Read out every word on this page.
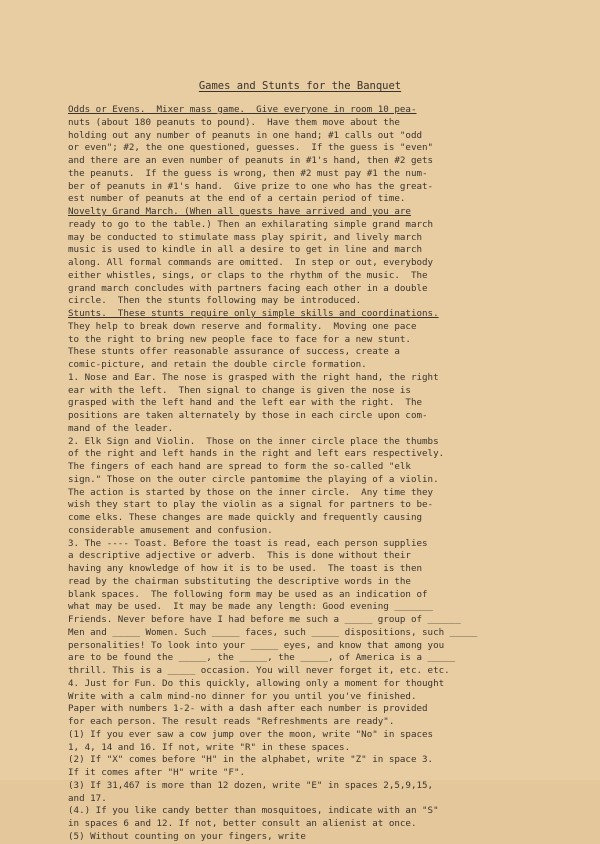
Games and Stunts for the Banquet
Odds or Evens.  Mixer mass game.  Give everyone in room 10 pea-
nuts (about 180 peanuts to pound).  Have them move about the
holding out any number of peanuts in one hand; #1 calls out "odd
or even"; #2, the one questioned, guesses.  If the guess is "even"
and there are an even number of peanuts in #1's hand, then #2 gets
the peanuts.  If the guess is wrong, then #2 must pay #1 the num-
ber of peanuts in #1's hand.  Give prize to one who has the great-
est number of peanuts at the end of a certain period of time.
Novelty Grand March. (When all guests have arrived and you are
ready to go to the table.) Then an exhilarating simple grand march
may be conducted to stimulate mass play spirit, and lively march
music is used to kindle in all a desire to get in line and march
along. All formal commands are omitted.  In step or out, everybody
either whistles, sings, or claps to the rhythm of the music.  The
grand march concludes with partners facing each other in a double
circle.  Then the stunts following may be introduced.
Stunts.  These stunts require only simple skills and coordinations.
They help to break down reserve and formality.  Moving one pace
to the right to bring new people face to face for a new stunt.
These stunts offer reasonable assurance of success, create a
comic-picture, and retain the double circle formation.
1. Nose and Ear. The nose is grasped with the right hand, the right
ear with the left.  Then signal to change is given the nose is
grasped with the left hand and the left ear with the right.  The
positions are taken alternately by those in each circle upon com-
mand of the leader.
2. Elk Sign and Violin.  Those on the inner circle place the thumbs
of the right and left hands in the right and left ears respectively.
The fingers of each hand are spread to form the so-called "elk
sign." Those on the outer circle pantomime the playing of a violin.
The action is started by those on the inner circle.  Any time they
wish they start to play the violin as a signal for partners to be-
come elks. These changes are made quickly and frequently causing
considerable amusement and confusion.
3. The ---- Toast. Before the toast is read, each person supplies
a descriptive adjective or adverb.  This is done without their
having any knowledge of how it is to be used.  The toast is then
read by the chairman substituting the descriptive words in the
blank spaces.  The following form may be used as an indication of
what may be used.  It may be made any length: Good evening _______
Friends. Never before have I had before me such a _____ group of ______
Men and _____ Women. Such _____ faces, such _____ dispositions, such _____
personalities! To look into your _____ eyes, and know that among you
are to be found the _____, the _____, the _____, of America is a _____
thrill. This is a _____ occasion. You will never forget it, etc. etc.
4. Just for Fun. Do this quickly, allowing only a moment for thought
Write with a calm mind-no dinner for you until you've finished.
Paper with numbers 1-2- with a dash after each number is provided
for each person. The result reads "Refreshments are ready".
(1) If you ever saw a cow jump over the moon, write "No" in spaces
1, 4, 14 and 16. If not, write "R" in these spaces.
(2) If "X" comes before "H" in the alphabet, write "Z" in space 3.
If it comes after "H" write "F".
(3) If 31,467 is more than 12 dozen, write "E" in spaces 2,5,9,15,
and 17.
(4.) If you like candy better than mosquitoes, indicate with an "S"
in spaces 6 and 12. If not, better consult an alienist at once.
(5) Without counting on your fingers, write
